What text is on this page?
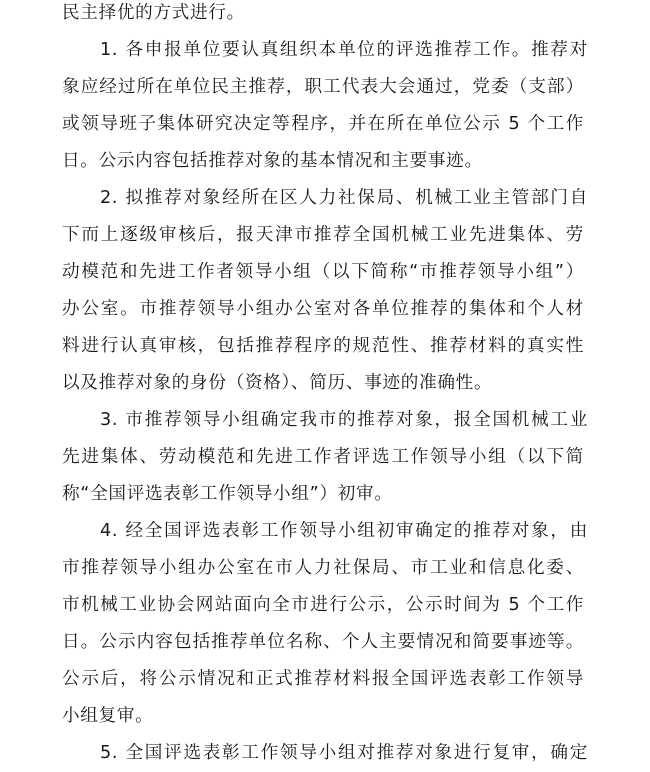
民主择优的方式进行。
1. 各申报单位要认真组织本单位的评选推荐工作。推荐对
象应经过所在单位民主推荐，职工代表大会通过，党委（支部）
或领导班子集体研究决定等程序，并在所在单位公示 5 个工作
日。公示内容包括推荐对象的基本情况和主要事迹。
2. 拟推荐对象经所在区人力社保局、机械工业主管部门自
下而上逐级审核后，报天津市推荐全国机械工业先进集体、劳
动模范和先进工作者领导小组（以下简称“市推荐领导小组”）
办公室。市推荐领导小组办公室对各单位推荐的集体和个人材
料进行认真审核，包括推荐程序的规范性、推荐材料的真实性
以及推荐对象的身份（资格）、简历、事迹的准确性。
3. 市推荐领导小组确定我市的推荐对象，报全国机械工业
先进集体、劳动模范和先进工作者评选工作领导小组（以下简
称“全国评选表彰工作领导小组”）初审。
4. 经全国评选表彰工作领导小组初审确定的推荐对象，由
市推荐领导小组办公室在市人力社保局、市工业和信息化委、
市机械工业协会网站面向全市进行公示，公示时间为 5 个工作
日。公示内容包括推荐单位名称、个人主要情况和简要事迹等。
公示后，将公示情况和正式推荐材料报全国评选表彰工作领导
小组复审。
5. 全国评选表彰工作领导小组对推荐对象进行复审，确定
